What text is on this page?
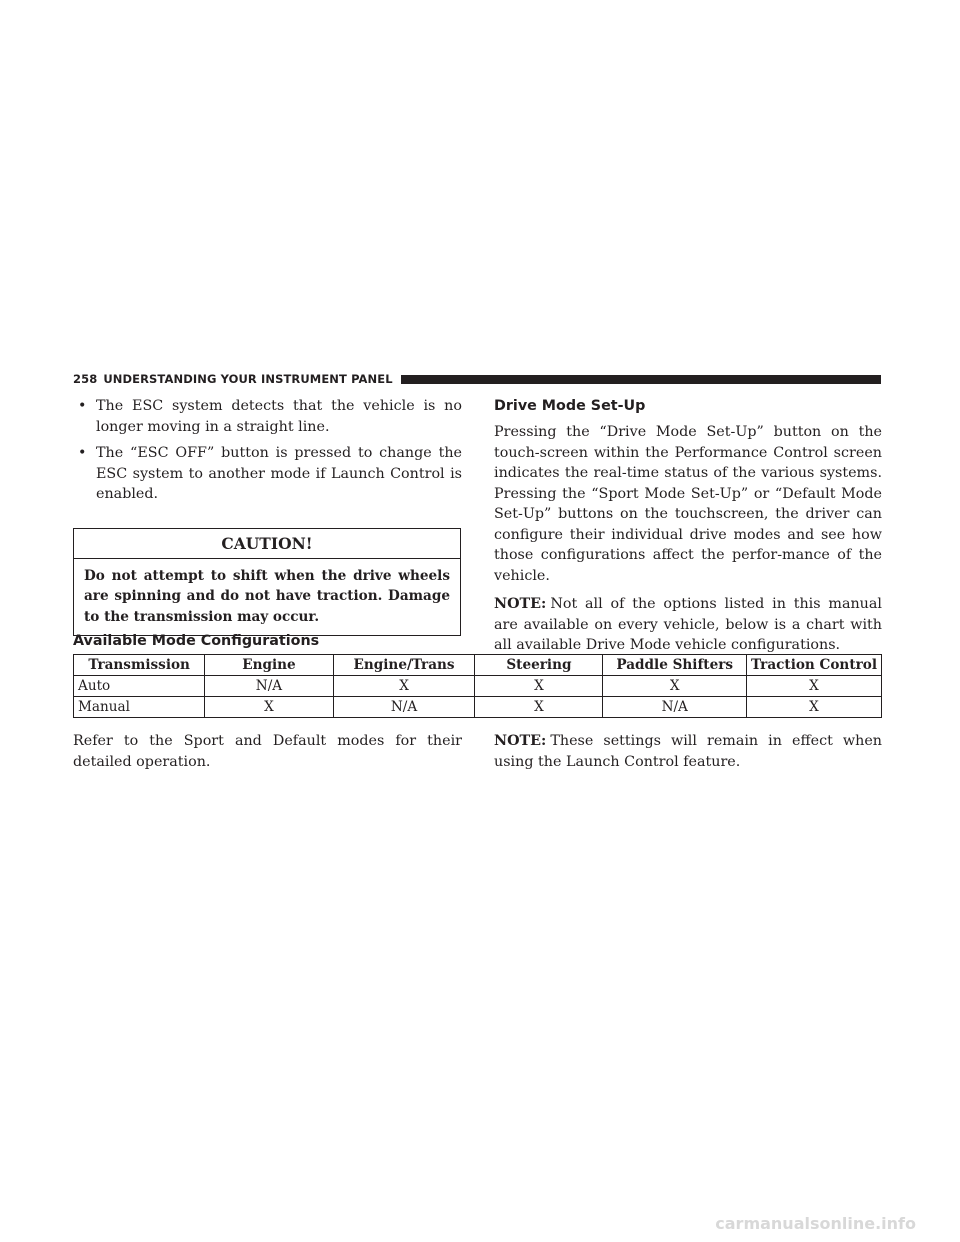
258 UNDERSTANDING YOUR INSTRUMENT PANEL
• The ESC system detects that the vehicle is no longer moving in a straight line.
• The “ESC OFF” button is pressed to change the ESC system to another mode if Launch Control is enabled.
CAUTION!
Do not attempt to shift when the drive wheels are spinning and do not have traction. Damage to the transmission may occur.
Drive Mode Set-Up

Pressing the “Drive Mode Set-Up” button on the touch-screen within the Performance Control screen indicates the real-time status of the various systems. Pressing the “Sport Mode Set-Up” or “Default Mode Set-Up” buttons on the touchscreen, the driver can configure their individual drive modes and see how those configurations affect the perfor-mance of the vehicle.

NOTE: Not all of the options listed in this manual are available on every vehicle, below is a chart with all available Drive Mode vehicle configurations.

Available Mode Configurations
Transmission	Engine	Engine/Trans	Steering	Paddle Shifters	Traction Control
Auto	N/A	X	X	X	X
Manual	X	N/A	X	N/A	X
Refer to the Sport and Default modes for their detailed operation.
NOTE: These settings will remain in effect when using the Launch Control feature.
carmanualsonline.info
